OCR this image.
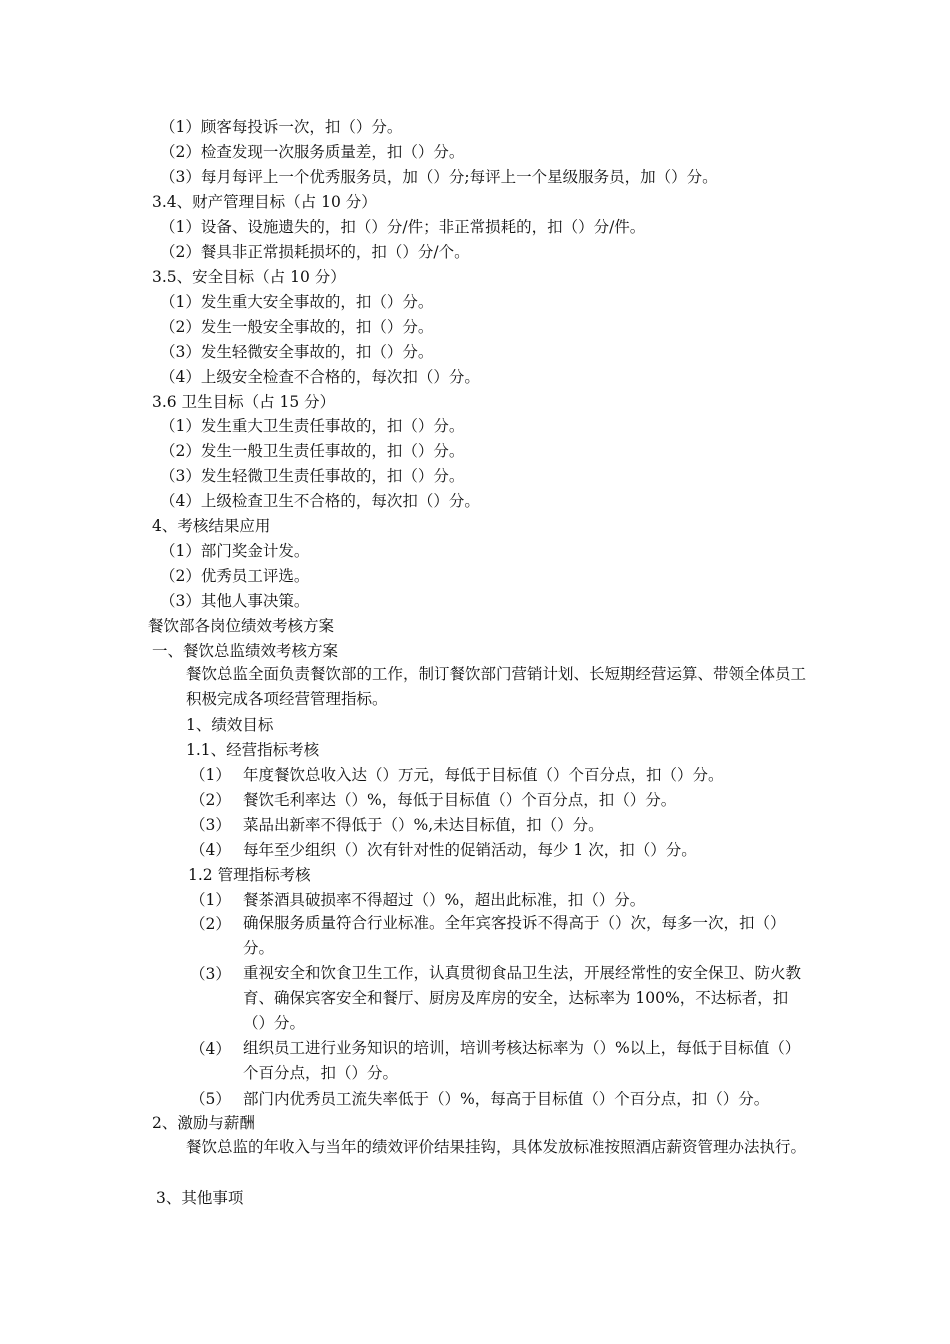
（1）顾客每投诉一次，扣（）分。
（2）检查发现一次服务质量差，扣（）分。
（3）每月每评上一个优秀服务员，加（）分;每评上一个星级服务员，加（）分。
3.4、财产管理目标（占 10 分）
（1）设备、设施遗失的，扣（）分/件；非正常损耗的，扣（）分/件。
（2）餐具非正常损耗损坏的，扣（）分/个。
3.5、安全目标（占 10 分）
（1）发生重大安全事故的，扣（）分。
（2）发生一般安全事故的，扣（）分。
（3）发生轻微安全事故的，扣（）分。
（4）上级安全检查不合格的，每次扣（）分。
3.6 卫生目标（占 15 分）
（1）发生重大卫生责任事故的，扣（）分。
（2）发生一般卫生责任事故的，扣（）分。
（3）发生轻微卫生责任事故的，扣（）分。
（4）上级检查卫生不合格的，每次扣（）分。
4、考核结果应用
（1）部门奖金计发。
（2）优秀员工评选。
（3）其他人事决策。
餐饮部各岗位绩效考核方案
一、餐饮总监绩效考核方案
餐饮总监全面负责餐饮部的工作，制订餐饮部门营销计划、长短期经营运算、带领全体员工积极完成各项经营管理指标。
1、绩效目标
1.1、经营指标考核
（1） 年度餐饮总收入达（）万元，每低于目标值（）个百分点，扣（）分。
（2） 餐饮毛利率达（）%，每低于目标值（）个百分点，扣（）分。
（3） 菜品出新率不得低于（）%,未达目标值，扣（）分。
（4） 每年至少组织（）次有针对性的促销活动，每少 1 次，扣（）分。
1.2 管理指标考核
（1） 餐茶酒具破损率不得超过（）%，超出此标准，扣（）分。
（2） 确保服务质量符合行业标准。全年宾客投诉不得高于（）次，每多一次，扣（）分。
（3） 重视安全和饮食卫生工作，认真贯彻食品卫生法，开展经常性的安全保卫、防火教育、确保宾客安全和餐厅、厨房及库房的安全，达标率为 100%，不达标者，扣（）分。
（4） 组织员工进行业务知识的培训，培训考核达标率为（）%以上，每低于目标值（）个百分点，扣（）分。
（5） 部门内优秀员工流失率低于（）%，每高于目标值（）个百分点，扣（）分。
2、激励与薪酬
餐饮总监的年收入与当年的绩效评价结果挂钩，具体发放标准按照酒店薪资管理办法执行。
3、其他事项
